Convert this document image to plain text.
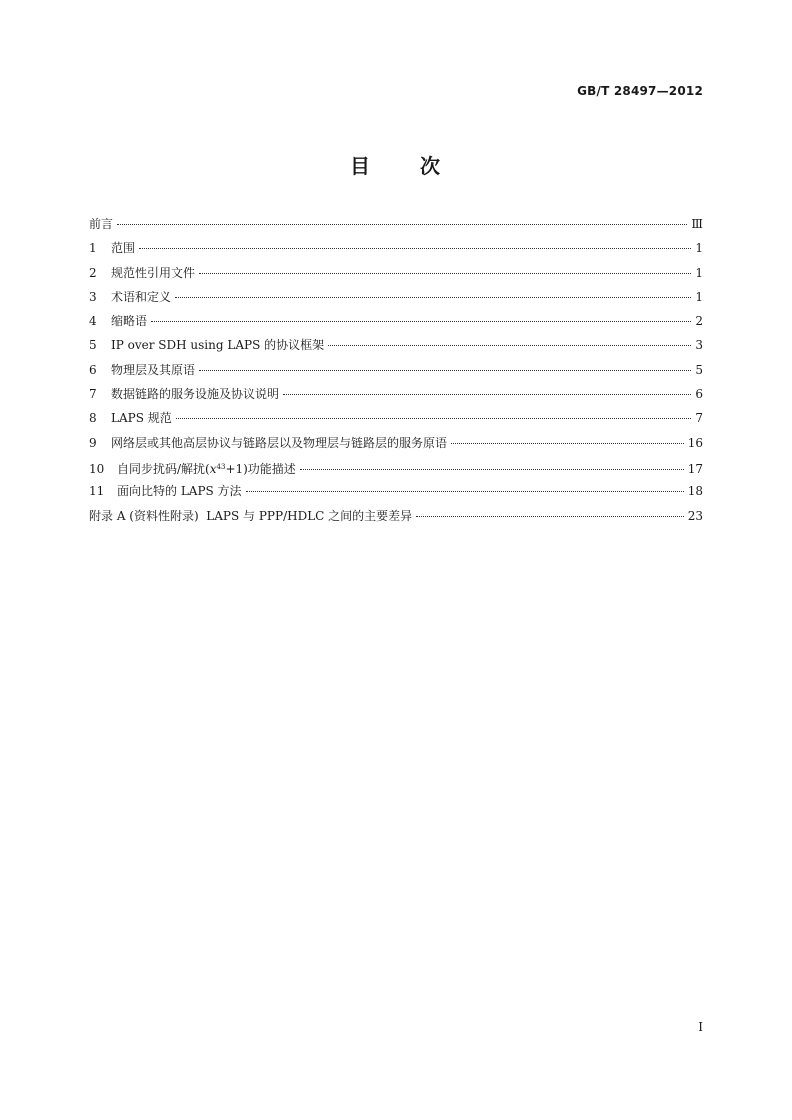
GB/T 28497—2012
目 次
前言	Ⅲ
1	范围	1
2	规范性引用文件	1
3	术语和定义	1
4	缩略语	2
5	IP over SDH using LAPS 的协议框架	3
6	物理层及其原语	5
7	数据链路的服务设施及协议说明	6
8	LAPS 规范	7
9	网络层或其他高层协议与链路层以及物理层与链路层的服务原语	16
10	自同步扰码/解扰$(x^{43}+1)$功能描述	17
11	面向比特的 LAPS 方法	18
附录 A (资料性附录)  LAPS 与 PPP/HDLC 之间的主要差异	23
I
